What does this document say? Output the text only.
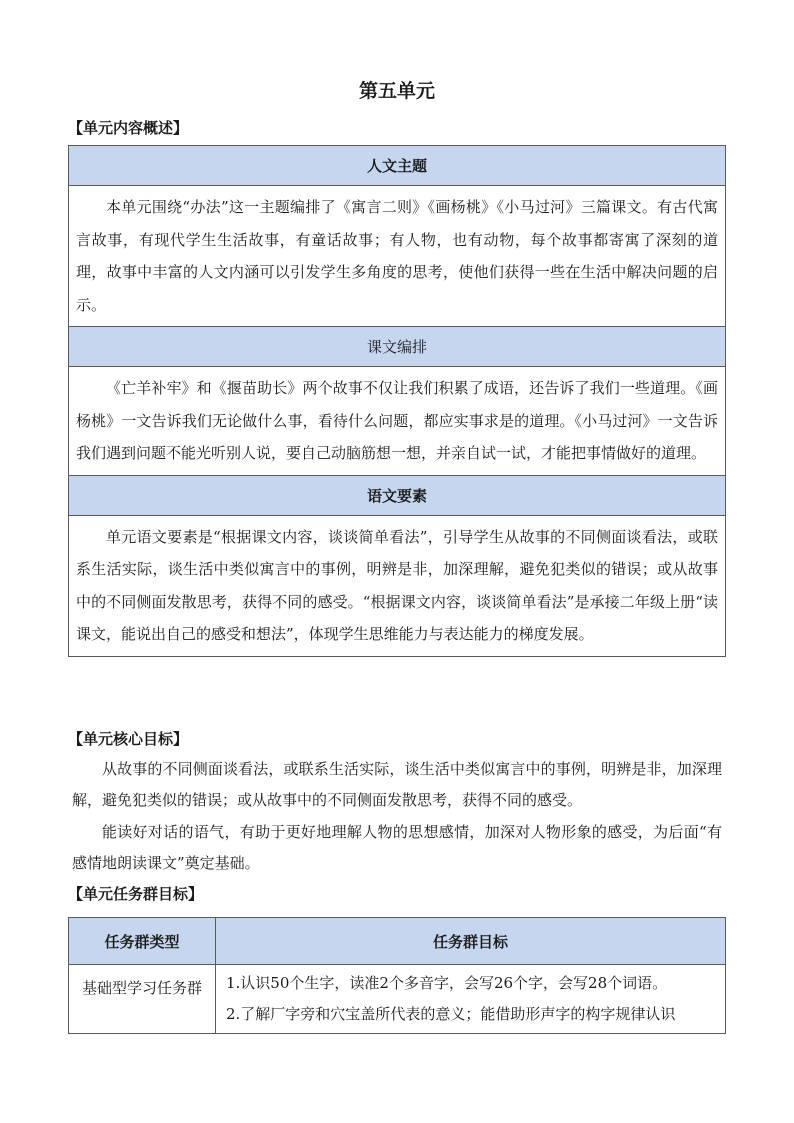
第五单元
【单元内容概述】
人文主题

本单元围绕“办法”这一主题编排了《寓言二则》《画杨桃》《小马过河》三篇课文。有古代寓言故事，有现代学生生活故事，有童话故事；有人物，也有动物，每个故事都寄寓了深刻的道理，故事中丰富的人文内涵可以引发学生多角度的思考，使他们获得一些在生活中解决问题的启示。

课文编排

《亡羊补牢》和《揠苗助长》两个故事不仅让我们积累了成语，还告诉了我们一些道理。《画杨桃》一文告诉我们无论做什么事，看待什么问题，都应实事求是的道理。《小马过河》一文告诉我们遇到问题不能光听别人说，要自己动脑筋想一想，并亲自试一试，才能把事情做好的道理。

语文要素

单元语文要素是“根据课文内容，谈谈简单看法”，引导学生从故事的不同侧面谈看法，或联系生活实际，谈生活中类似寓言中的事例，明辨是非，加深理解，避免犯类似的错误；或从故事中的不同侧面发散思考，获得不同的感受。“根据课文内容，谈谈简单看法”是承接二年级上册“读课文，能说出自己的感受和想法”，体现学生思维能力与表达能力的梯度发展。
【单元核心目标】

从故事的不同侧面谈看法，或联系生活实际，谈生活中类似寓言中的事例，明辨是非，加深理解，避免犯类似的错误；或从故事中的不同侧面发散思考，获得不同的感受。

能读好对话的语气，有助于更好地理解人物的思想感情，加深对人物形象的感受，为后面“有感情地朗读课文”奠定基础。

【单元任务群目标】
任务群类型	任务群目标
基础型学习任务群	1.认识50个生字，读准2个多音字，会写26个字，会写28个词语。
2.了解厂字旁和穴宝盖所代表的意义；能借助形声字的构字规律认识
